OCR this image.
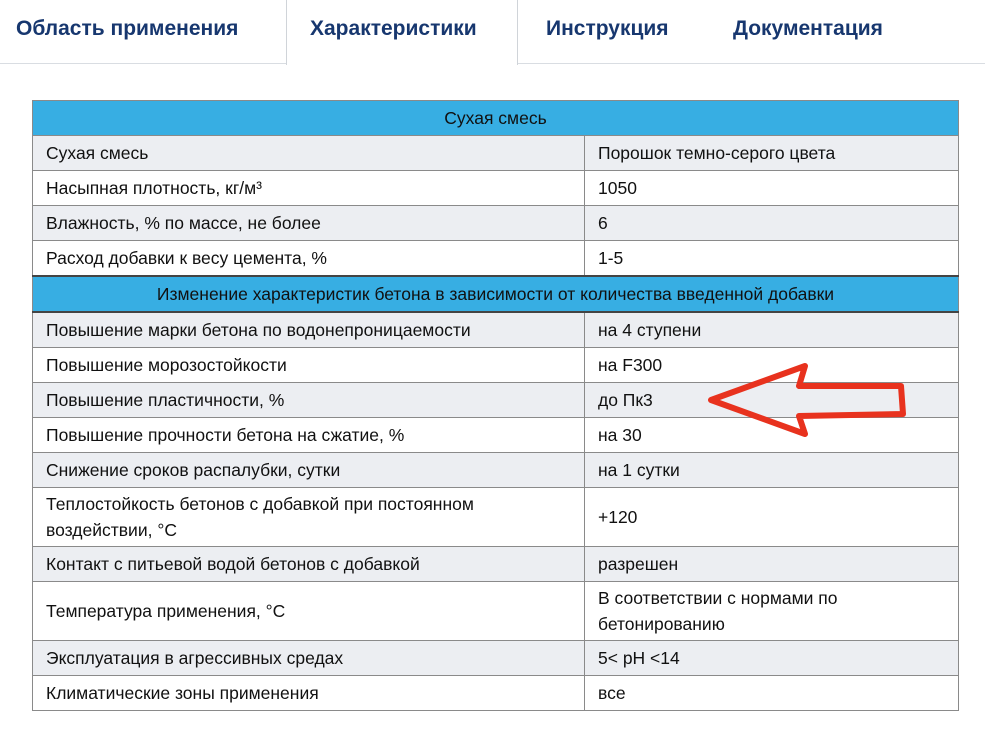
Область применения	Характеристики	Инструкция	Документация
Сухая смесь	
Сухая смесь	Порошок темно-серого цвета
Насыпная плотность, кг/м³	1050
Влажность, % по массе, не более	6
Расход добавки к весу цемента, %	1-5
Изменение характеристик бетона в зависимости от количества введенной добавки	
Повышение марки бетона по водонепроницаемости	на 4 ступени
Повышение морозостойкости	на F300
Повышение пластичности, %	до Пк3
Повышение прочности бетона на сжатие, %	на 30
Снижение сроков распалубки, сутки	на 1 сутки
Теплостойкость бетонов с добавкой при постоянном воздействии, °С	+120
Контакт с питьевой водой бетонов с добавкой	разрешен
Температура применения, °С	В соответствии с нормами по бетонированию
Эксплуатация в агрессивных средах	5< pH <14
Климатические зоны применения	все
